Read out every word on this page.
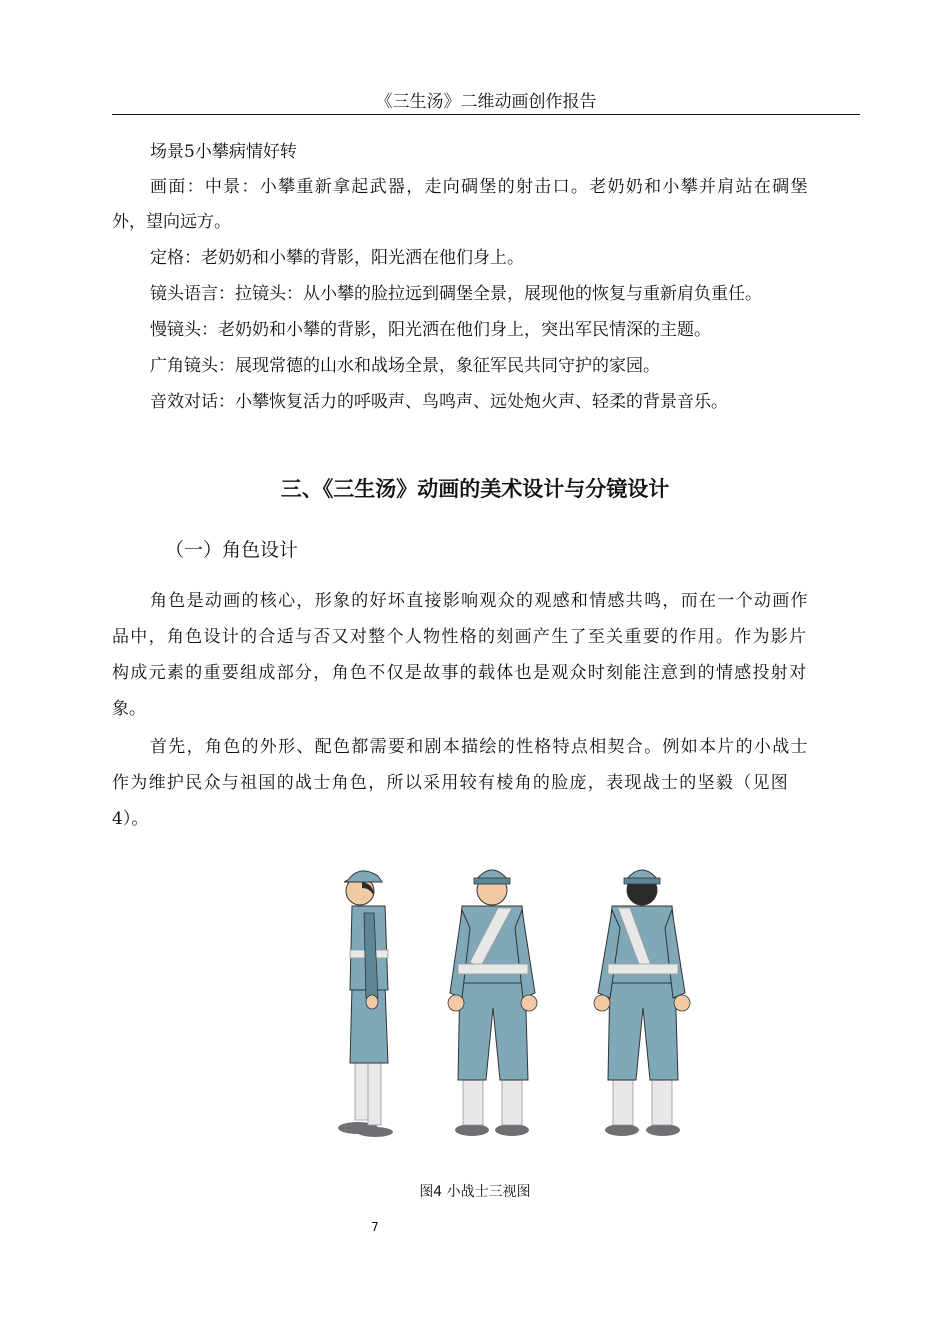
《三生汤》二维动画创作报告
场景5小攀病情好转
画面：中景：小攀重新拿起武器，走向碉堡的射击口。老奶奶和小攀并肩站在碉堡
外，望向远方。
定格：老奶奶和小攀的背影，阳光洒在他们身上。
镜头语言：拉镜头：从小攀的脸拉远到碉堡全景，展现他的恢复与重新肩负重任。
慢镜头：老奶奶和小攀的背影，阳光洒在他们身上，突出军民情深的主题。
广角镜头：展现常德的山水和战场全景，象征军民共同守护的家园。
音效对话：小攀恢复活力的呼吸声、鸟鸣声、远处炮火声、轻柔的背景音乐。
三、《三生汤》动画的美术设计与分镜设计
（一）角色设计
角色是动画的核心，形象的好坏直接影响观众的观感和情感共鸣，而在一个动画作
品中，角色设计的合适与否又对整个人物性格的刻画产生了至关重要的作用。作为影片
构成元素的重要组成部分，角色不仅是故事的载体也是观众时刻能注意到的情感投射对
象。
首先，角色的外形、配色都需要和剧本描绘的性格特点相契合。例如本片的小战士
作为维护民众与祖国的战士角色，所以采用较有棱角的脸庞，表现战士的坚毅（见图
4）。
图4 小战士三视图
7
